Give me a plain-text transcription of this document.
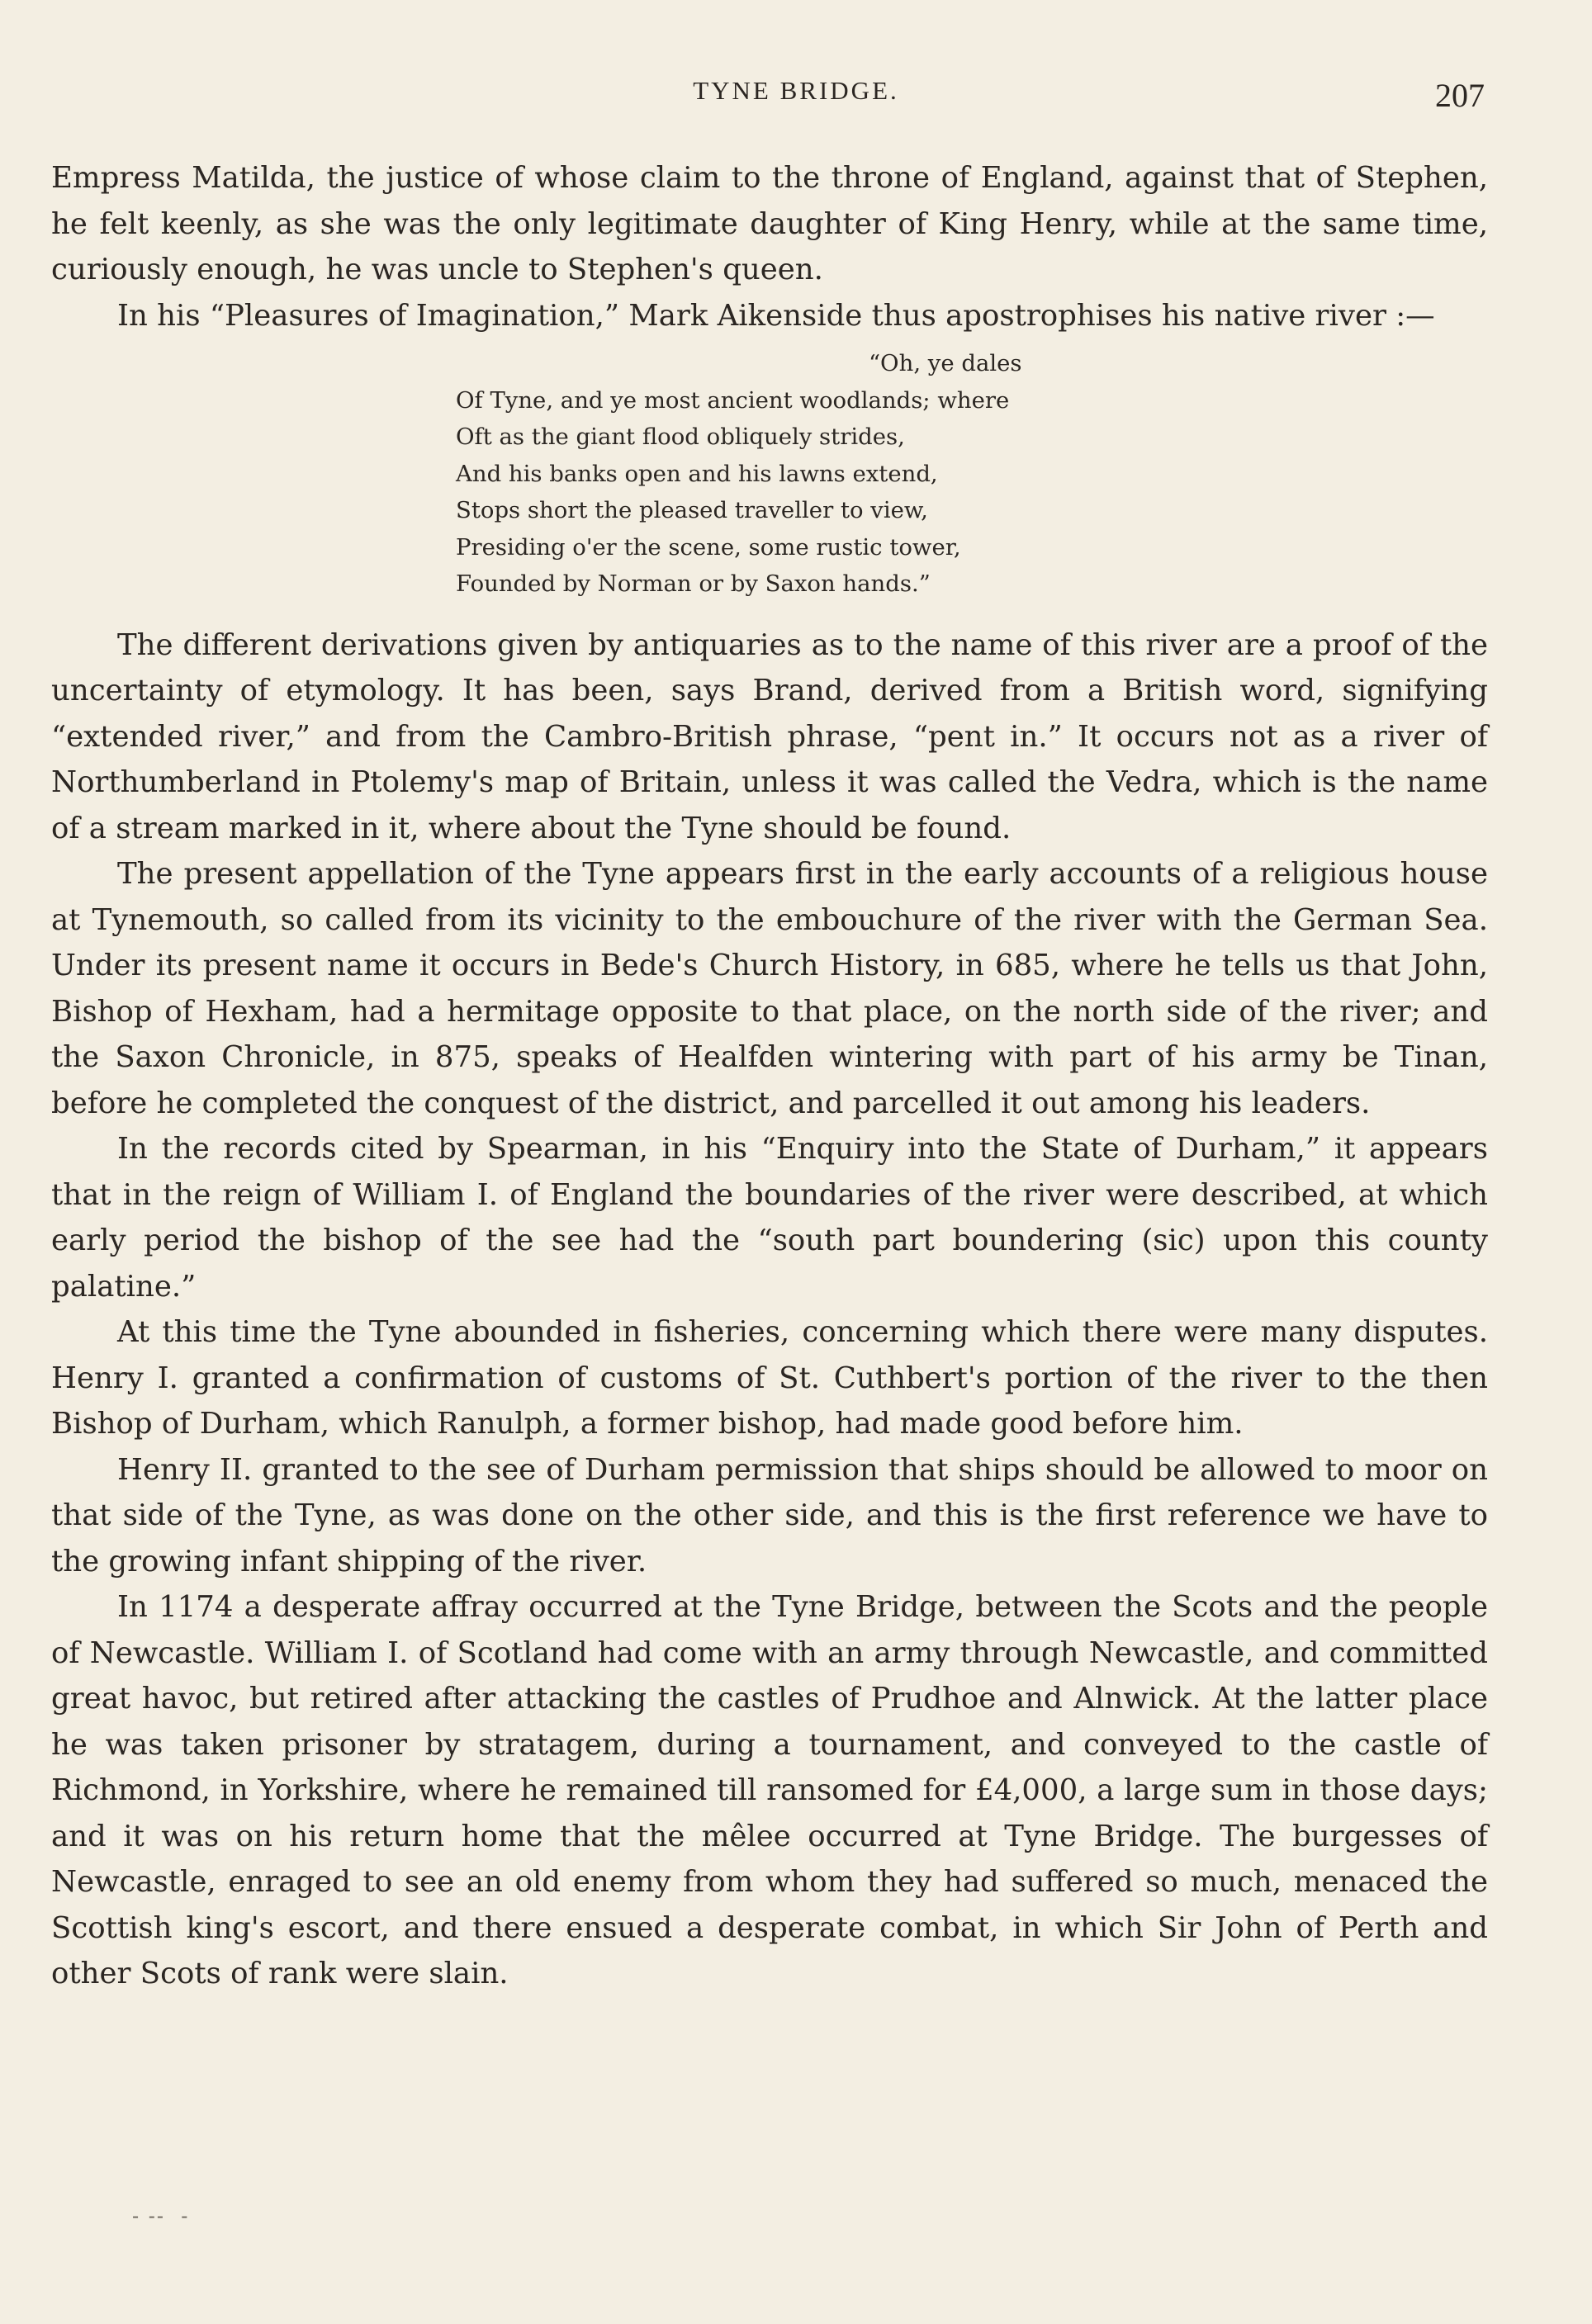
TYNE BRIDGE.	207

Empress Matilda, the justice of whose claim to the throne of England, against that of Stephen, he felt keenly, as she was the only legitimate daughter of King Henry, while at the same time, curiously enough, he was uncle to Stephen's queen.

In his “Pleasures of Imagination,” Mark Aikenside thus apostrophises his native river :—

“Oh, ye dales
Of Tyne, and ye most ancient woodlands; where
Oft as the giant flood obliquely strides,
And his banks open and his lawns extend,
Stops short the pleased traveller to view,
Presiding o'er the scene, some rustic tower,
Founded by Norman or by Saxon hands.”

The different derivations given by antiquaries as to the name of this river are a proof of the uncertainty of etymology. It has been, says Brand, derived from a British word, signifying “extended river,” and from the Cambro-British phrase, “pent in.” It occurs not as a river of Northumberland in Ptolemy's map of Britain, unless it was called the Vedra, which is the name of a stream marked in it, where about the Tyne should be found.

The present appellation of the Tyne appears first in the early accounts of a religious house at Tynemouth, so called from its vicinity to the embouchure of the river with the German Sea. Under its present name it occurs in Bede's Church History, in 685, where he tells us that John, Bishop of Hexham, had a hermitage opposite to that place, on the north side of the river; and the Saxon Chronicle, in 875, speaks of Healfden wintering with part of his army be Tinan, before he completed the conquest of the district, and parcelled it out among his leaders.

In the records cited by Spearman, in his “Enquiry into the State of Durham,” it appears that in the reign of William I. of England the boundaries of the river were described, at which early period the bishop of the see had the “south part boundering (sic) upon this county palatine.”

At this time the Tyne abounded in fisheries, concerning which there were many disputes. Henry I. granted a confirmation of customs of St. Cuthbert's portion of the river to the then Bishop of Durham, which Ranulph, a former bishop, had made good before him.

Henry II. granted to the see of Durham permission that ships should be allowed to moor on that side of the Tyne, as was done on the other side, and this is the first reference we have to the growing infant shipping of the river.

In 1174 a desperate affray occurred at the Tyne Bridge, between the Scots and the people of Newcastle. William I. of Scotland had come with an army through Newcastle, and committed great havoc, but retired after attacking the castles of Prudhoe and Alnwick. At the latter place he was taken prisoner by stratagem, during a tournament, and conveyed to the castle of Richmond, in Yorkshire, where he remained till ransomed for £4,000, a large sum in those days; and it was on his return home that the mêlee occurred at Tyne Bridge. The burgesses of Newcastle, enraged to see an old enemy from whom they had suffered so much, menaced the Scottish king's escort, and there ensued a desperate combat, in which Sir John of Perth and other Scots of rank were slain.

- --  -
